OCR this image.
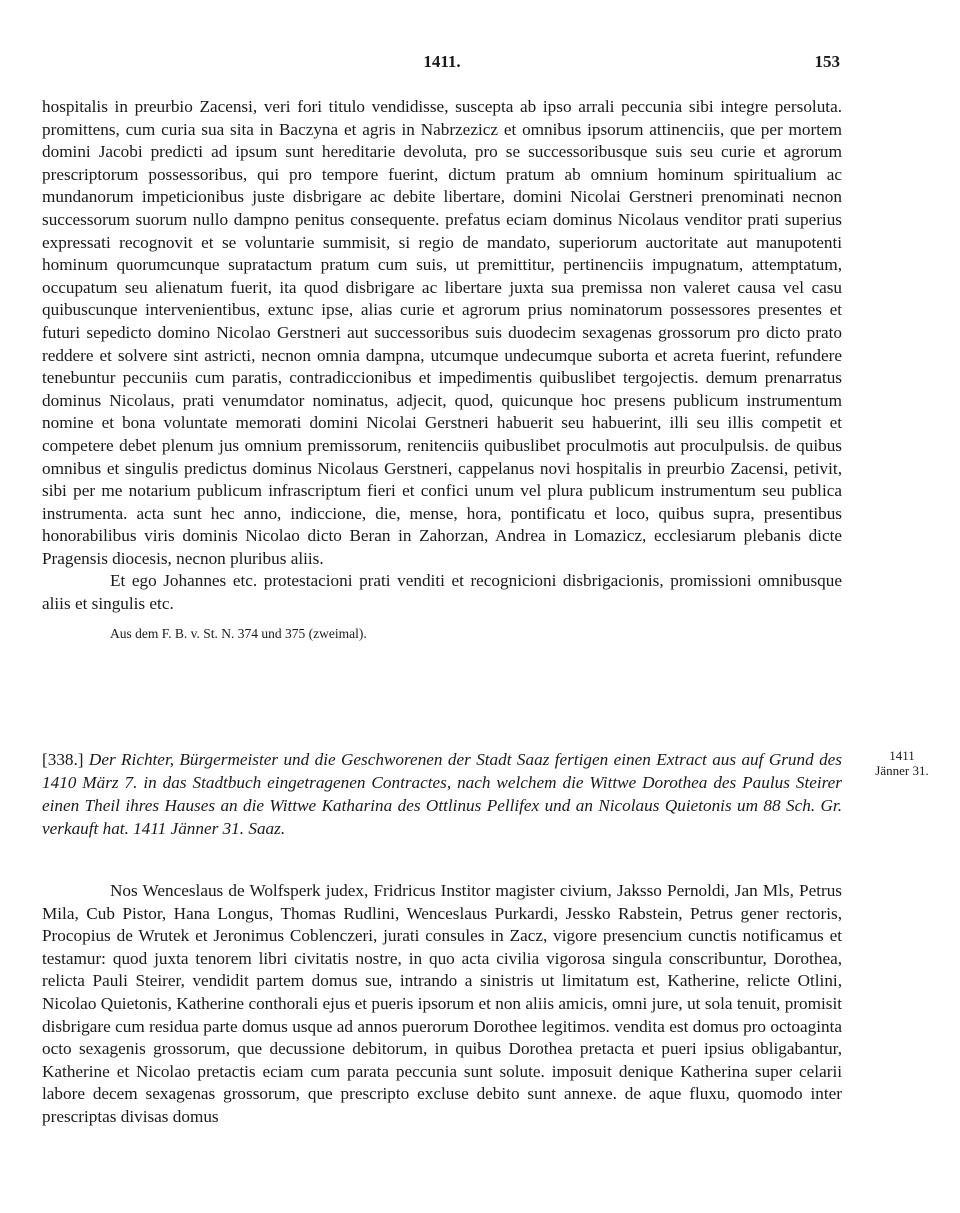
1411.	153

hospitalis in preurbio Zacensi, veri fori titulo vendidisse, suscepta ab ipso arrali peccunia sibi integre persoluta. promittens, cum curia sua sita in Baczyna et agris in Nabrzezicz et omnibus ipsorum attinenciis, que per mortem domini Jacobi predicti ad ipsum sunt hereditarie devoluta, pro se successoribusque suis seu curie et agrorum prescriptorum possessoribus, qui pro tempore fuerint, dictum pratum ab omnium hominum spiritualium ac mundanorum impeticionibus juste disbrigare ac debite libertare, domini Nicolai Gerstneri prenominati necnon successorum suorum nullo dampno penitus consequente. prefatus eciam dominus Nicolaus venditor prati superius expressati recognovit et se voluntarie summisit, si regio de mandato, superiorum auctoritate aut manupotenti hominum quorumcunque supratactum pratum cum suis, ut premittitur, pertinenciis impugnatum, attemptatum, occupatum seu alienatum fuerit, ita quod disbrigare ac libertare juxta sua premissa non valeret causa vel casu quibuscunque intervenientibus, extunc ipse, alias curie et agrorum prius nominatorum possessores presentes et futuri sepedicto domino Nicolao Gerstneri aut successoribus suis duodecim sexagenas grossorum pro dicto prato reddere et solvere sint astricti, necnon omnia dampna, utcumque undecumque suborta et acreta fuerint, refundere tenebuntur peccuniis cum paratis, contradiccionibus et impedimentis quibuslibet tergojectis. demum prenarratus dominus Nicolaus, prati venumdator nominatus, adjecit, quod, quicunque hoc presens publicum instrumentum nomine et bona voluntate memorati domini Nicolai Gerstneri habuerit seu habuerint, illi seu illis competit et competere debet plenum jus omnium premissorum, renitenciis quibuslibet proculmotis aut proculpulsis. de quibus omnibus et singulis predictus dominus Nicolaus Gerstneri, cappelanus novi hospitalis in preurbio Zacensi, petivit, sibi per me notarium publicum infrascriptum fieri et confici unum vel plura publicum instrumentum seu publica instrumenta. acta sunt hec anno, indiccione, die, mense, hora, pontificatu et loco, quibus supra, presentibus honorabilibus viris dominis Nicolao dicto Beran in Zahorzan, Andrea in Lomazicz, ecclesiarum plebanis dicte Pragensis diocesis, necnon pluribus aliis.

Et ego Johannes etc. protestacioni prati venditi et recognicioni disbrigacionis, promissioni omnibusque aliis et singulis etc.

Aus dem F. B. v. St. N. 374 und 375 (zweimal).

[338.] Der Richter, Bürgermeister und die Geschworenen der Stadt Saaz fertigen einen Extract aus auf Grund des 1410 März 7. in das Stadtbuch eingetragenen Contractes, nach welchem die Wittwe Dorothea des Paulus Steirer einen Theil ihres Hauses an die Wittwe Katharina des Ottlinus Pellifex und an Nicolaus Quietonis um 88 Sch. Gr. verkauft hat. 1411 Jänner 31. Saaz.
1411
Jänner 31.

Nos Wenceslaus de Wolfsperk judex, Fridricus Institor magister civium, Jaksso Pernoldi, Jan Mls, Petrus Mila, Cub Pistor, Hana Longus, Thomas Rudlini, Wenceslaus Purkardi, Jessko Rabstein, Petrus gener rectoris, Procopius de Wrutek et Jeronimus Coblenczeri, jurati consules in Zacz, vigore presencium cunctis notificamus et testamur: quod juxta tenorem libri civitatis nostre, in quo acta civilia vigorosa singula conscribuntur, Dorothea, relicta Pauli Steirer, vendidit partem domus sue, intrando a sinistris ut limitatum est, Katherine, relicte Otlini, Nicolao Quietonis, Katherine conthorali ejus et pueris ipsorum et non aliis amicis, omni jure, ut sola tenuit, promisit disbrigare cum residua parte domus usque ad annos puerorum Dorothee legitimos. vendita est domus pro octoaginta octo sexagenis grossorum, que decussione debitorum, in quibus Dorothea pretacta et pueri ipsius obligabantur, Katherine et Nicolao pretactis eciam cum parata peccunia sunt solute. imposuit denique Katherina super celarii labore decem sexagenas grossorum, que prescripto excluse debito sunt annexe. de aque fluxu, quomodo inter prescriptas divisas domus
